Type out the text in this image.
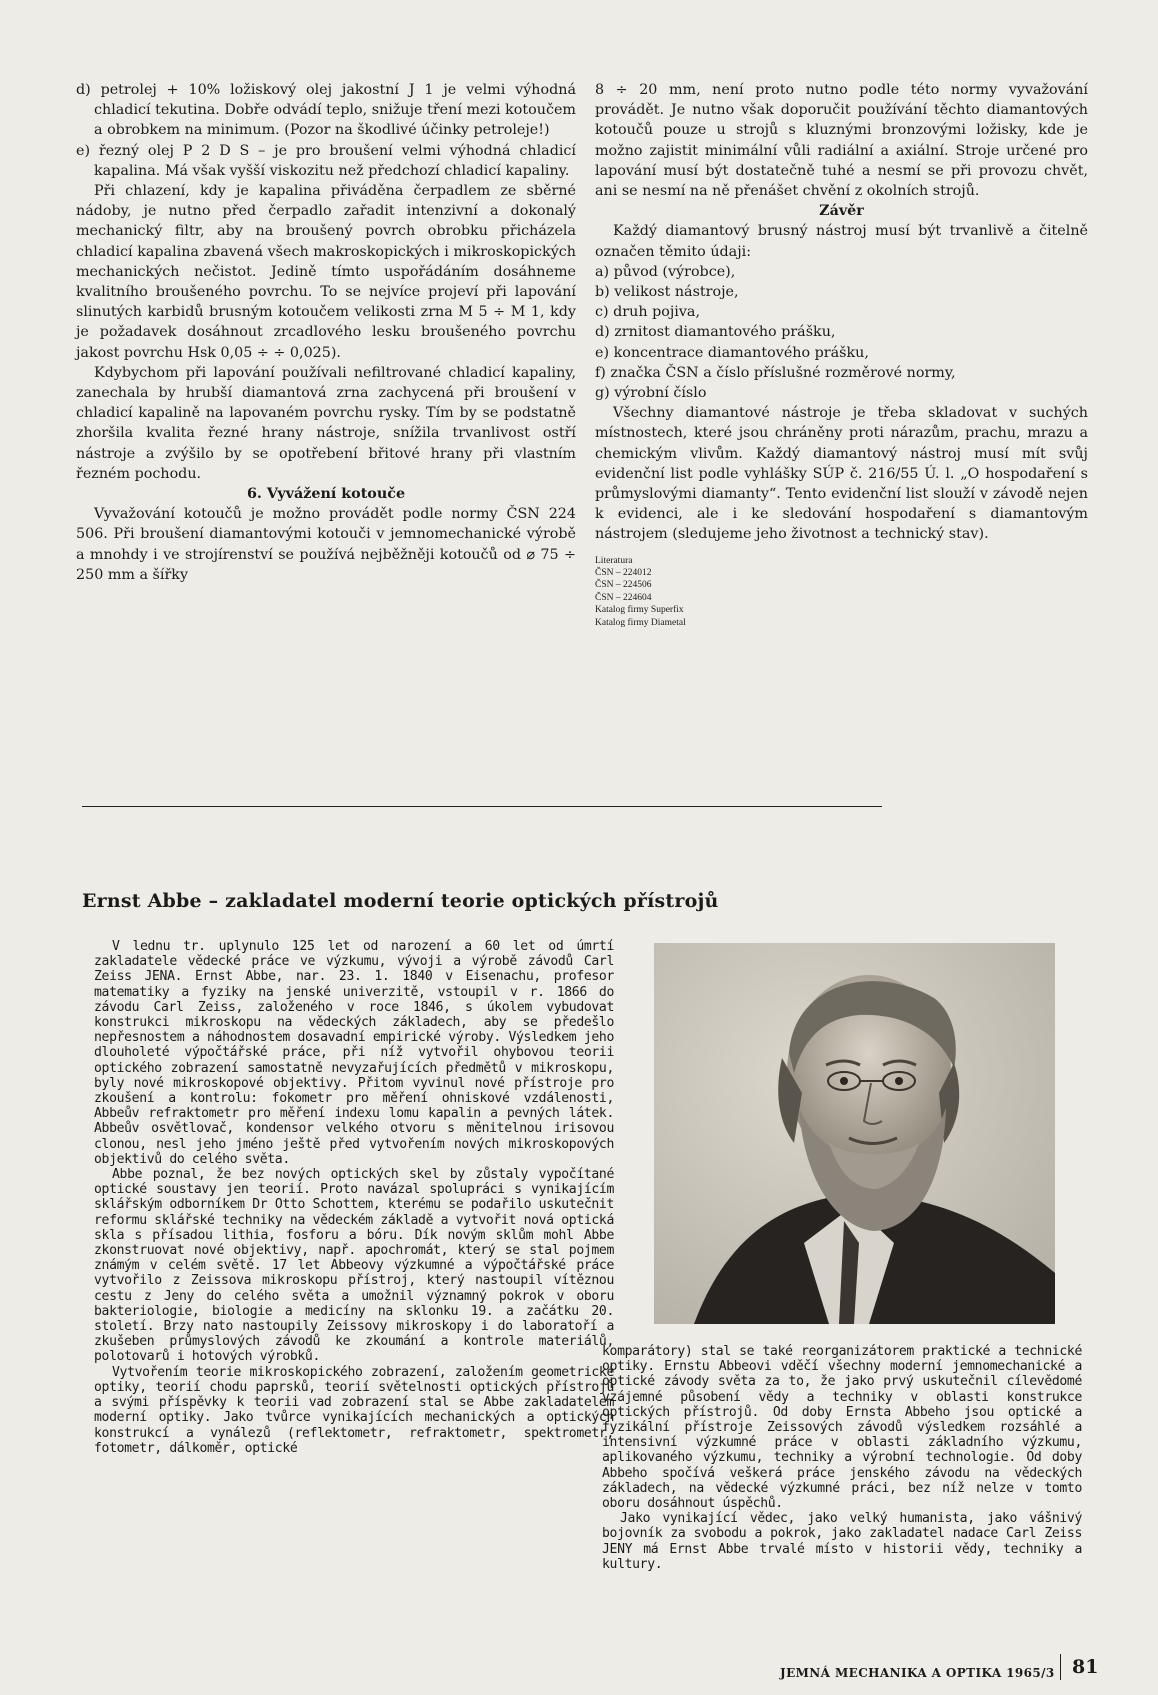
d) petrolej + 10% ložiskový olej jakostní J 1 je velmi výhodná chladicí tekutina. Dobře odvádí teplo, snižuje tření mezi kotoučem a obrobkem na minimum. (Pozor na škodlivé účinky petroleje!)

e) řezný olej P 2 D S – je pro broušení velmi výhodná chladicí kapalina. Má však vyšší viskozitu než předchozí chladicí kapaliny.

Při chlazení, kdy je kapalina přiváděna čerpadlem ze sběrné nádoby, je nutno před čerpadlo zařadit intenzivní a dokonalý mechanický filtr, aby na broušený povrch obrobku přicházela chladicí kapalina zbavená všech makroskopických i mikroskopických mechanických nečistot. Jedině tímto uspořádáním dosáhneme kvalitního broušeného povrchu. To se nejvíce projeví při lapování slinutých karbidů brusným kotoučem velikosti zrna M 5 ÷ M 1, kdy je požadavek dosáhnout zrcadlového lesku broušeného povrchu jakost povrchu Hsk 0,05 ÷ ÷ 0,025).

Kdybychom při lapování používali nefiltrované chladicí kapaliny, zanechala by hrubší diamantová zrna zachycená při broušení v chladicí kapalině na lapovaném povrchu rysky. Tím by se podstatně zhoršila kvalita řezné hrany nástroje, snížila trvanlivost ostří nástroje a zvýšilo by se opotřebení břitové hrany při vlastním řezném pochodu.

6. Vyvážení kotouče

Vyvažování kotoučů je možno provádět podle normy ČSN 224 506. Při broušení diamantovými kotouči v jemnomechanické výrobě a mnohdy i ve strojírenství se používá nejběžněji kotoučů od ⌀ 75 ÷ 250 mm a šířky

8 ÷ 20 mm, není proto nutno podle této normy vyvažování provádět. Je nutno však doporučit používání těchto diamantových kotoučů pouze u strojů s kluznými bronzovými ložisky, kde je možno zajistit minimální vůli radiální a axiální. Stroje určené pro lapování musí být dostatečně tuhé a nesmí se při provozu chvět, ani se nesmí na ně přenášet chvění z okolních strojů.

Závěr

Každý diamantový brusný nástroj musí být trvanlivě a čitelně označen těmito údaji:

a) původ (výrobce),

b) velikost nástroje,

c) druh pojiva,

d) zrnitost diamantového prášku,

e) koncentrace diamantového prášku,

f) značka ČSN a číslo příslušné rozměrové normy,

g) výrobní číslo

Všechny diamantové nástroje je třeba skladovat v suchých místnostech, které jsou chráněny proti nárazům, prachu, mrazu a chemickým vlivům. Každý diamantový nástroj musí mít svůj evidenční list podle vyhlášky SÚP č. 216/55 Ú. l. „O hospodaření s průmyslovými diamanty“. Tento evidenční list slouží v závodě nejen k evidenci, ale i ke sledování hospodaření s diamantovým nástrojem (sledujeme jeho životnost a technický stav).

Literatura
ČSN – 224012
ČSN – 224506
ČSN – 224604
Katalog firmy Superfix
Katalog firmy Diametal
Ernst Abbe – zakladatel moderní teorie optických přístrojů

V lednu tr. uplynulo 125 let od narození a 60 let od úmrtí zakladatele vědecké práce ve výzkumu, vývoji a výrobě závodů Carl Zeiss JENA. Ernst Abbe, nar. 23. 1. 1840 v Eisenachu, profesor matematiky a fyziky na jenské univerzitě, vstoupil v r. 1866 do závodu Carl Zeiss, založeného v roce 1846, s úkolem vybudovat konstrukci mikroskopu na vědeckých základech, aby se předešlo nepřesnostem a náhodnostem dosavadní empirické výroby. Výsledkem jeho dlouholeté výpočtářské práce, při níž vytvořil ohybovou teorii optického zobrazení samostatně nevyzařujících předmětů v mikroskopu, byly nové mikroskopové objektivy. Přitom vyvinul nové přístroje pro zkoušení a kontrolu: fokometr pro měření ohniskové vzdálenosti, Abbeův refraktometr pro měření indexu lomu kapalin a pevných látek. Abbeův osvětlovač, kondensor velkého otvoru s měnitelnou irisovou clonou, nesl jeho jméno ještě před vytvořením nových mikroskopových objektivů do celého světa.

Abbe poznal, že bez nových optických skel by zůstaly vypočítané optické soustavy jen teorií. Proto navázal spolupráci s vynikajícím sklářským odborníkem Dr Otto Schottem, kterému se podařilo uskutečnit reformu sklářské techniky na vědeckém základě a vytvořit nová optická skla s přísadou lithia, fosforu a bóru. Dík novým sklům mohl Abbe zkonstruovat nové objektivy, např. apochromát, který se stal pojmem známým v celém světě. 17 let Abbeovy výzkumné a výpočtářské práce vytvořilo z Zeissova mikroskopu přístroj, který nastoupil vítěznou cestu z Jeny do celého světa a umožnil významný pokrok v oboru bakteriologie, biologie a medicíny na sklonku 19. a začátku 20. století. Brzy nato nastoupily Zeissovy mikroskopy i do laboratoří a zkušeben průmyslových závodů ke zkoumání a kontrole materiálů, polotovarů i hotových výrobků.

Vytvořením teorie mikroskopického zobrazení, založením geometrické optiky, teorií chodu paprsků, teorií světelnosti optických přístrojů a svými příspěvky k teorii vad zobrazení stal se Abbe zakladatelem moderní optiky. Jako tvůrce vynikajících mechanických a optických konstrukcí a vynálezů (reflektometr, refraktometr, spektrometr, fotometr, dálkoměr, optické

komparátory) stal se také reorganizátorem praktické a technické optiky. Ernstu Abbeovi vděčí všechny moderní jemnomechanické a optické závody světa za to, že jako prvý uskutečnil cílevědomé vzájemné působení vědy a techniky v oblasti konstrukce optických přístrojů. Od doby Ernsta Abbeho jsou optické a fyzikální přístroje Zeissových závodů výsledkem rozsáhlé a intensivní výzkumné práce v oblasti základního výzkumu, aplikovaného výzkumu, techniky a výrobní technologie. Od doby Abbeho spočívá veškerá práce jenského závodu na vědeckých základech, na vědecké výzkumné práci, bez níž nelze v tomto oboru dosáhnout úspěchů.

Jako vynikající vědec, jako velký humanista, jako vášnivý bojovník za svobodu a pokrok, jako zakladatel nadace Carl Zeiss JENY má Ernst Abbe trvalé místo v historii vědy, techniky a kultury.

JEMNÁ MECHANIKA A OPTIKA 1965/3 81
